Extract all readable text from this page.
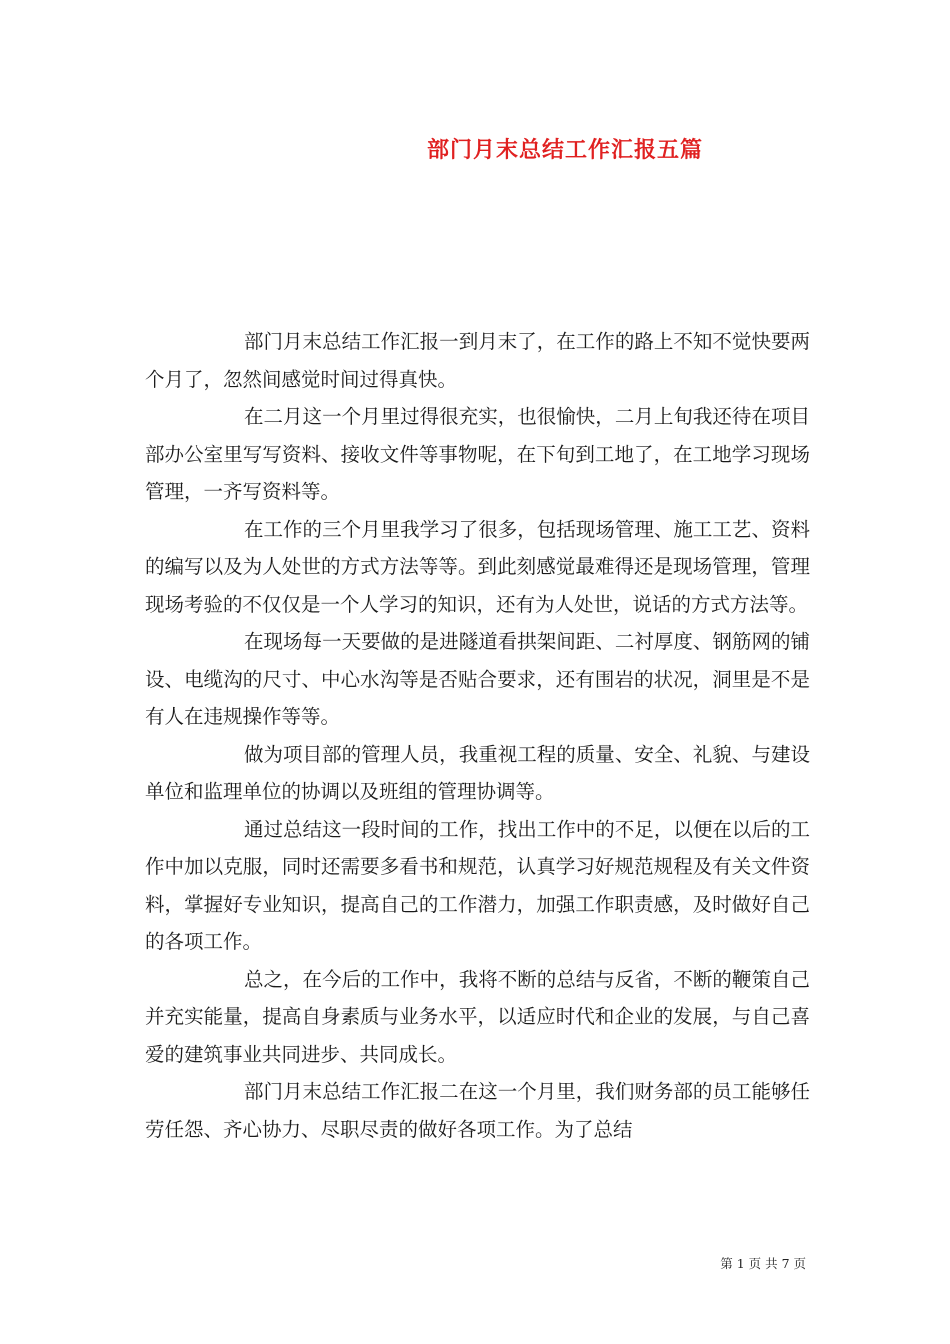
部门月末总结工作汇报五篇

部门月末总结工作汇报一到月末了，在工作的路上不知不觉快要两个月了，忽然间感觉时间过得真快。

在二月这一个月里过得很充实，也很愉快，二月上旬我还待在项目部办公室里写写资料、接收文件等事物呢，在下旬到工地了，在工地学习现场管理，一齐写资料等。

在工作的三个月里我学习了很多，包括现场管理、施工工艺、资料的编写以及为人处世的方式方法等等。到此刻感觉最难得还是现场管理，管理现场考验的不仅仅是一个人学习的知识，还有为人处世，说话的方式方法等。

在现场每一天要做的是进隧道看拱架间距、二衬厚度、钢筋网的铺设、电缆沟的尺寸、中心水沟等是否贴合要求，还有围岩的状况，洞里是不是有人在违规操作等等。

做为项目部的管理人员，我重视工程的质量、安全、礼貌、与建设单位和监理单位的协调以及班组的管理协调等。

通过总结这一段时间的工作，找出工作中的不足，以便在以后的工作中加以克服，同时还需要多看书和规范，认真学习好规范规程及有关文件资料，掌握好专业知识，提高自己的工作潜力，加强工作职责感，及时做好自己的各项工作。

总之，在今后的工作中，我将不断的总结与反省，不断的鞭策自己并充实能量，提高自身素质与业务水平，以适应时代和企业的发展，与自己喜爱的建筑事业共同进步、共同成长。

部门月末总结工作汇报二在这一个月里，我们财务部的员工能够任劳任怨、齐心协力、尽职尽责的做好各项工作。为了总结

第 1 页 共 7 页
